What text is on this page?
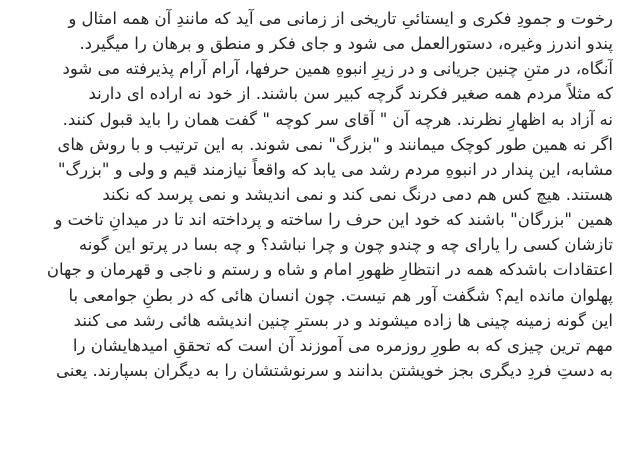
رخوت و جمودِ فکری و ایستائیِ تاریخی از زمانی می آید که مانندِ آن همه امثال و
پندو اندرز وغیره، دستورالعمل می شود و جای فکر و منطق و برهان را میگیرد.
آنگاه، در متنِ چنین جریانی و در زیرِ انبوهِ همین حرفها، آرام آرام پذیرفته می شود
که مثلاً مردم همه صغیر فکرند گرچه کبیر سن باشند. از خود نه اراده ای دارند
نه آزاد به اظهارِ نظرند. هرچه آن " آقای سر کوچه " گفت همان را باید قبول کنند.
اگر نه همین طور کوچک میمانند و "بزرگ" نمی شوند. به این ترتیب و با روش های
مشابه، این پندار در انبوهِ مردم رشد می یابد که واقعاً نیازمند قیم و ولی و "بزرگ"
هستند. هیچ کس هم دمی درنگ نمی کند و نمی اندیشد و نمی پرسد که نکند
همین "بزرگان" باشند که خود این حرف را ساخته و پرداخته اند تا در میدانِ تاخت و
تازشان کسی را یارای چه و چندو چون و چرا نباشد؟ و چه بسا در پرتو این گونه
اعتقادات باشدکه همه در انتظارِ ظهورِ امام و شاه و رستم و ناجی و قهرمان و جهان
پهلوان مانده ایم؟ شگفت آور هم نیست. چون انسان هائی که در بطنِ جوامعی با
این گونه زمینه چینی ها زاده میشوند و در بسترِ چنین اندیشه هائی رشد می کنند
مهم ترین چیزی که به طورِ روزمره می آموزند آن است که تحققِ امیدهایشان را
به دستِ فردِ دیگری بجز خویشتن بدانند و سرنوشتشان را به دیگران بسپارند. یعنی
